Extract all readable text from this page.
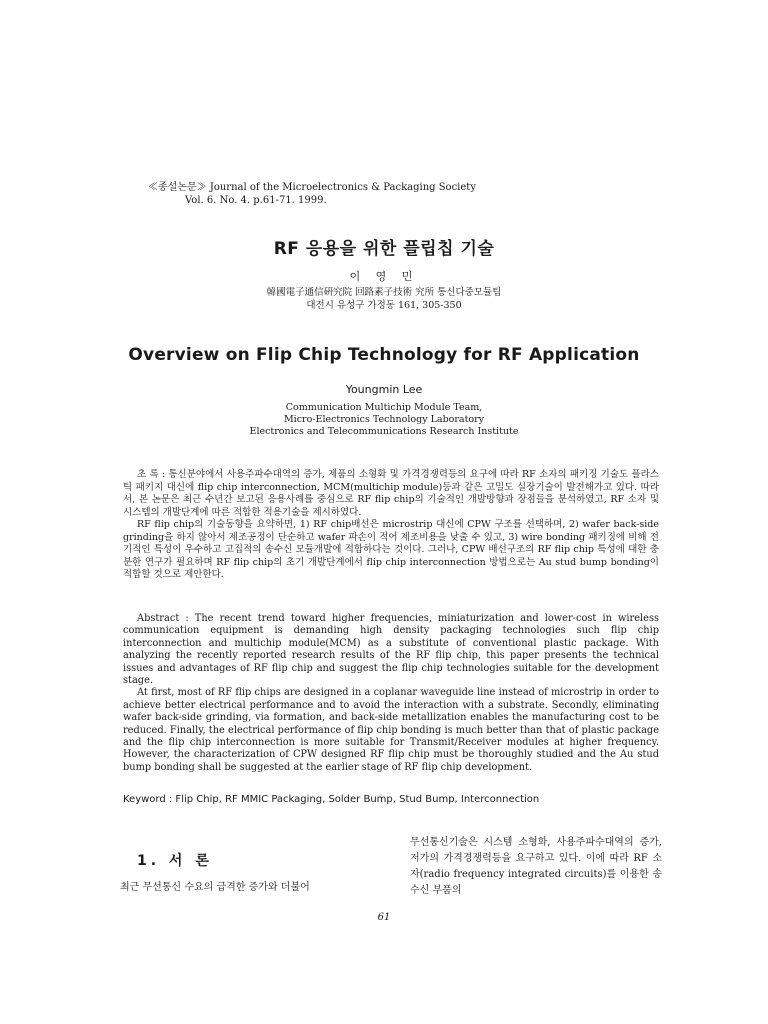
≪종설논문≫ Journal of the Microelectronics & Packaging Society
Vol. 6. No. 4. p.61-71. 1999.
RF 응용을 위한 플립칩 기술
이 영 민
韓國電子通信硏究院 回路素子技術 究所 통신다중모듈팀
대전시 유성구 가정동 161, 305-350
Overview on Flip Chip Technology for RF Application
Youngmin Lee
Communication Multichip Module Team,
Micro-Electronics Technology Laboratory
Electronics and Telecommunications Research Institute

초 록 : 통신분야에서 사용주파수대역의 증가, 제품의 소형화 및 가격경쟁력등의 요구에 따라 RF 소자의 패키징 기술도 플라스틱 패키지 대신에 flip chip interconnection, MCM(multichip module)등과 같은 고밀도 실장기술이 발전해가고 있다. 따라서, 본 논문은 최근 수년간 보고된 응용사례를 중심으로 RF flip chip의 기술적인 개발방향과 장점들을 분석하였고, RF 소자 및 시스템의 개발단계에 따른 적합한 적용기술을 제시하였다.

RF flip chip의 기술동향을 요약하면, 1) RF chip배선은 microstrip 대신에 CPW 구조를 선택하며, 2) wafer back-side grinding을 하지 않아서 제조공정이 단순하고 wafer 파손이 적어 제조비용을 낮출 수 있고, 3) wire bonding 패키징에 비해 전기적인 특성이 우수하고 고집적의 송수신 모듈개발에 적합하다는 것이다. 그러나, CPW 배선구조의 RF flip chip 특성에 대한 충분한 연구가 필요하며 RF flip chip의 초기 개발단계에서 flip chip interconnection 방법으로는 Au stud bump bonding이 적합할 것으로 제안한다.

Abstract : The recent trend toward higher frequencies, miniaturization and lower-cost in wireless communication equipment is demanding high density packaging technologies such flip chip interconnection and multichip module(MCM) as a substitute of conventional plastic package. With analyzing the recently reported research results of the RF flip chip, this paper presents the technical issues and advantages of RF flip chip and suggest the flip chip technologies suitable for the development stage.

At first, most of RF flip chips are designed in a coplanar waveguide line instead of microstrip in order to achieve better electrical performance and to avoid the interaction with a substrate. Secondly, eliminating wafer back-side grinding, via formation, and back-side metallization enables the manufacturing cost to be reduced. Finally, the electrical performance of flip chip bonding is much better than that of plastic package and the flip chip interconnection is more suitable for Transmit/Receiver modules at higher frequency. However, the characterization of CPW designed RF flip chip must be thoroughly studied and the Au stud bump bonding shall be suggested at the earlier stage of RF flip chip development.

Keyword : Flip Chip, RF MMIC Packaging, Solder Bump, Stud Bump, Interconnection
1. 서 론
최근 무선통신 수요의 급격한 증가와 더불어
무선통신기술은 시스템 소형화, 사용주파수대역의 증가, 저가의 가격경쟁력등을 요구하고 있다. 이에 따라 RF 소자(radio frequency integrated circuits)를 이용한 송수신 부품의
61
